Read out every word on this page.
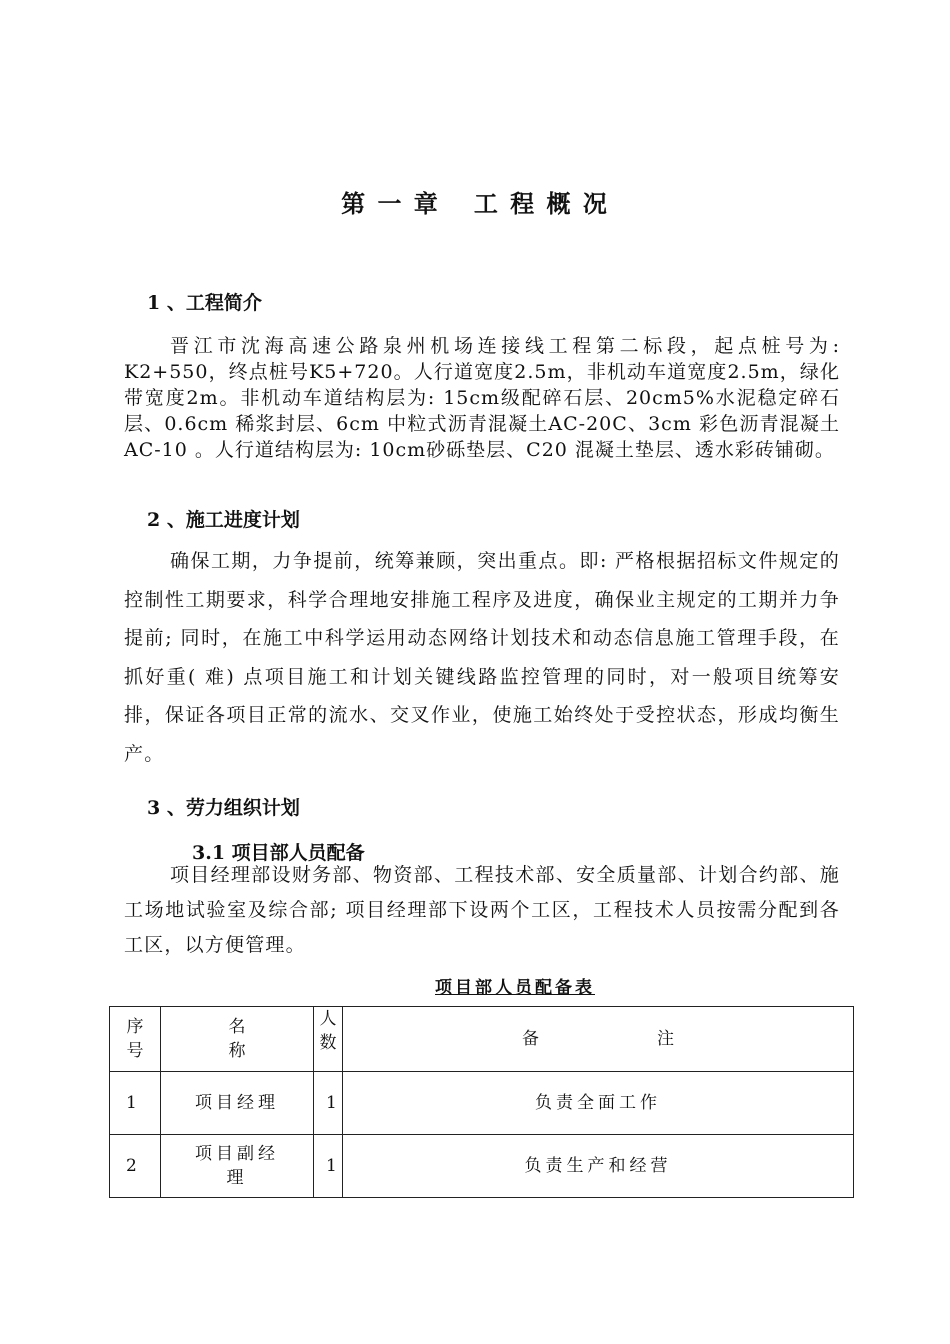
第 一 章 工 程 概 况
1 、工程简介

晋江市沈海高速公路泉州机场连接线工程第二标段，起点桩号为: K2+550，终点桩号K5+720。人行道宽度2.5m，非机动车道宽度2.5m，绿化带宽度2m。非机动车道结构层为: 15cm级配碎石层、20cm5%水泥稳定碎石层、0.6cm 稀浆封层、6cm 中粒式沥青混凝土AC-20C、3cm 彩色沥青混凝土AC-10 。人行道结构层为: 10cm砂砾垫层、C20 混凝土垫层、透水彩砖铺砌。

2 、施工进度计划

确保工期，力争提前，统筹兼顾，突出重点。即: 严格根据招标文件规定的控制性工期要求，科学合理地安排施工程序及进度，确保业主规定的工期并力争提前; 同时，在施工中科学运用动态网络计划技术和动态信息施工管理手段，在抓好重( 难) 点项目施工和计划关键线路监控管理的同时，对一般项目统筹安排，保证各项目正常的流水、交叉作业，使施工始终处于受控状态，形成均衡生产。

3 、劳力组织计划
3.1 项目部人员配备

项目经理部设财务部、物资部、工程技术部、安全质量部、计划合约部、施工场地试验室及综合部; 项目经理部下设两个工区，工程技术人员按需分配到各工区，以方便管理。

项目部人员配备表
序号	名称	人数	备 注
1	项目经理	1	负责全面工作
2	项目副经理	1	负责生产和经营
